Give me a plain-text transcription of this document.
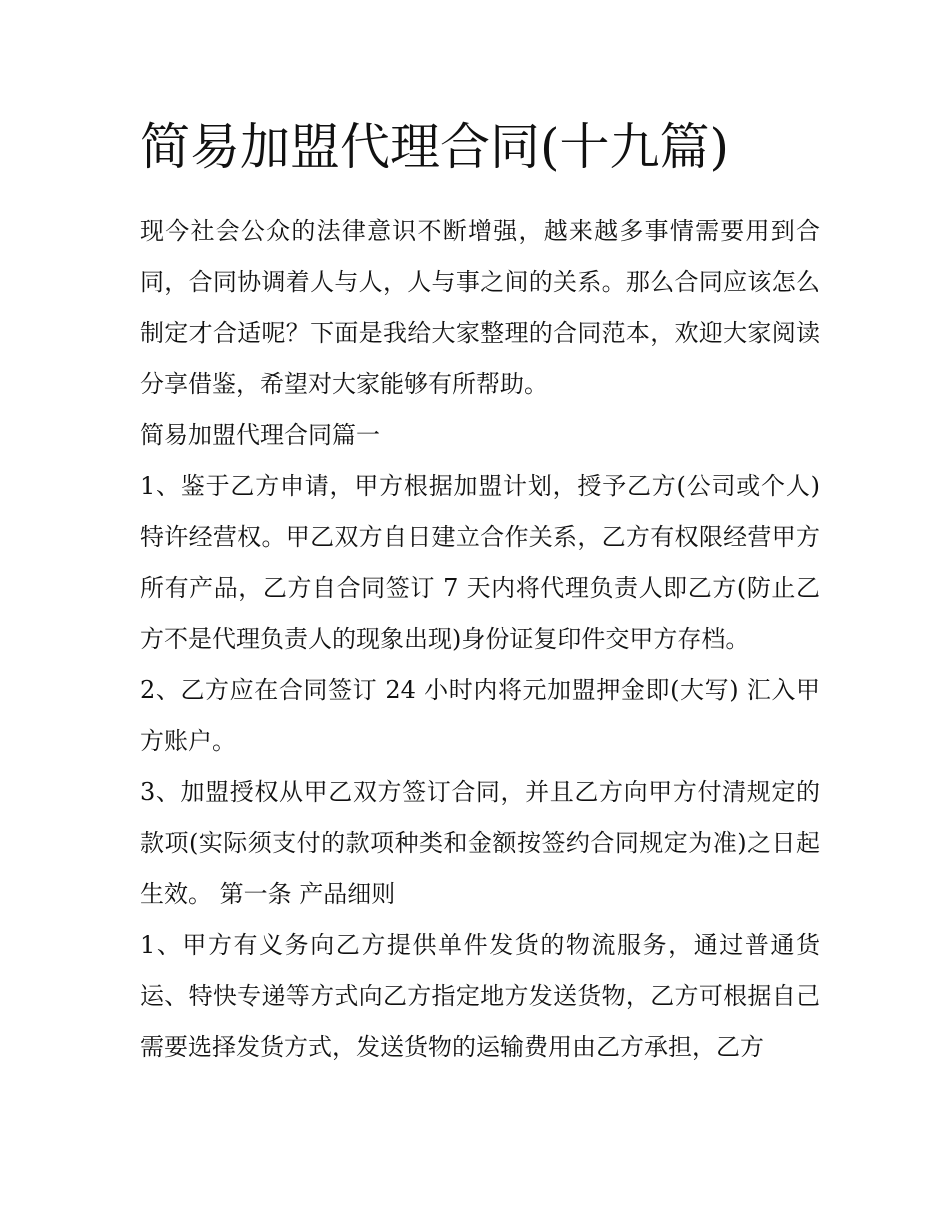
简易加盟代理合同(十九篇)

现今社会公众的法律意识不断增强，越来越多事情需要用到合同，合同协调着人与人，人与事之间的关系。那么合同应该怎么制定才合适呢？下面是我给大家整理的合同范本，欢迎大家阅读分享借鉴，希望对大家能够有所帮助。

简易加盟代理合同篇一

1、鉴于乙方申请，甲方根据加盟计划，授予乙方(公司或个人)特许经营权。甲乙双方自日建立合作关系，乙方有权限经营甲方所有产品，乙方自合同签订 7 天内将代理负责人即乙方(防止乙方不是代理负责人的现象出现)身份证复印件交甲方存档。

2、乙方应在合同签订 24 小时内将元加盟押金即(大写) 汇入甲方账户。

3、加盟授权从甲乙双方签订合同，并且乙方向甲方付清规定的款项(实际须支付的款项种类和金额按签约合同规定为准)之日起生效。 第一条 产品细则

1、甲方有义务向乙方提供单件发货的物流服务，通过普通货运、特快专递等方式向乙方指定地方发送货物，乙方可根据自己需要选择发货方式，发送货物的运输费用由乙方承担，乙方
